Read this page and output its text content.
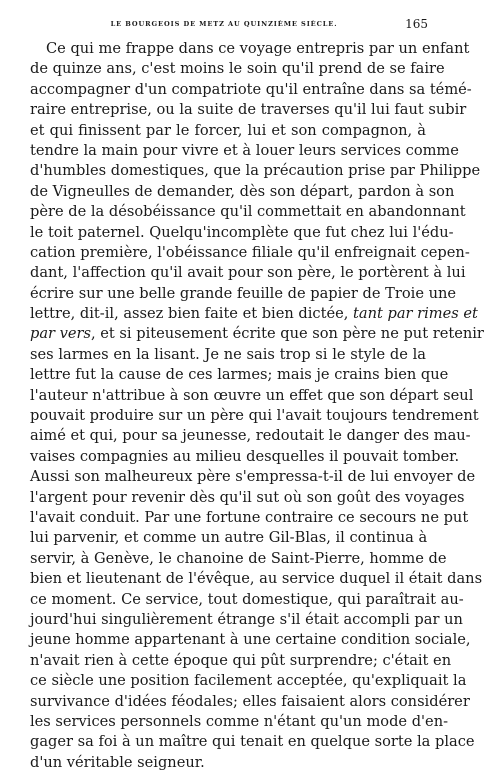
LE BOURGEOIS DE METZ AU QUINZIÈME SIÈCLE.	165
Ce qui me frappe dans ce voyage entrepris par un enfant
de quinze ans, c'est moins le soin qu'il prend de se faire
accompagner d'un compatriote qu'il entraîne dans sa témé-
raire entreprise, ou la suite de traverses qu'il lui faut subir
et qui finissent par le forcer, lui et son compagnon, à
tendre la main pour vivre et à louer leurs services comme
d'humbles domestiques, que la précaution prise par Philippe
de Vigneulles de demander, dès son départ, pardon à son
père de la désobéissance qu'il commettait en abandonnant
le toit paternel. Quelqu'incomplète que fut chez lui l'édu-
cation première, l'obéissance filiale qu'il enfreignait cepen-
dant, l'affection qu'il avait pour son père, le portèrent à lui
écrire sur une belle grande feuille de papier de Troie une
lettre, dit-il, assez bien faite et bien dictée, tant par rimes et
par vers, et si piteusement écrite que son père ne put retenir
ses larmes en la lisant. Je ne sais trop si le style de la
lettre fut la cause de ces larmes; mais je crains bien que
l'auteur n'attribue à son œuvre un effet que son départ seul
pouvait produire sur un père qui l'avait toujours tendrement
aimé et qui, pour sa jeunesse, redoutait le danger des mau-
vaises compagnies au milieu desquelles il pouvait tomber.
Aussi son malheureux père s'empressa-t-il de lui envoyer de
l'argent pour revenir dès qu'il sut où son goût des voyages
l'avait conduit. Par une fortune contraire ce secours ne put
lui parvenir, et comme un autre Gil-Blas, il continua à
servir, à Genève, le chanoine de Saint-Pierre, homme de
bien et lieutenant de l'évêque, au service duquel il était dans
ce moment. Ce service, tout domestique, qui paraîtrait au-
jourd'hui singulièrement étrange s'il était accompli par un
jeune homme appartenant à une certaine condition sociale,
n'avait rien à cette époque qui pût surprendre; c'était en
ce siècle une position facilement acceptée, qu'expliquait la
survivance d'idées féodales; elles faisaient alors considérer
les services personnels comme n'étant qu'un mode d'en-
gager sa foi à un maître qui tenait en quelque sorte la place
d'un véritable seigneur.
